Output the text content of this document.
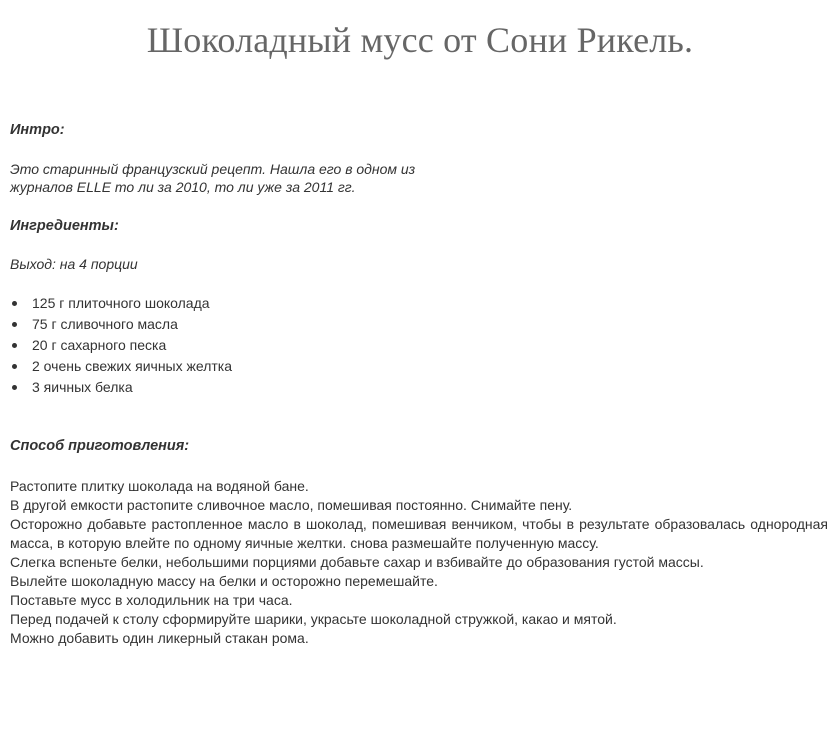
Шоколадный мусс от Сони Рикель.

Интро:

Это старинный французский рецепт. Нашла его в одном из
журналов ELLE то ли за 2010, то ли уже за 2011 гг.

Ингредиенты:

Выход: на 4 порции

125 г плиточного шоколада
75 г сливочного масла
20 г сахарного песка
2 очень свежих яичных желтка
3 яичных белка

Способ приготовления:

Растопите плитку шоколада на водяной бане.

В другой емкости растопите сливочное масло, помешивая постоянно. Снимайте пену.

Осторожно добавьте растопленное масло в шоколад, помешивая венчиком, чтобы в результате образовалась однородная масса, в которую влейте по одному яичные желтки. снова размешайте полученную массу.

Слегка вспеньте белки, небольшими порциями добавьте сахар и взбивайте до образования густой массы.

Вылейте шоколадную массу на белки и осторожно перемешайте.

Поставьте мусс в холодильник на три часа.

Перед подачей к столу сформируйте шарики, украсьте шоколадной стружкой, какао и мятой.

Можно добавить один ликерный стакан рома.
